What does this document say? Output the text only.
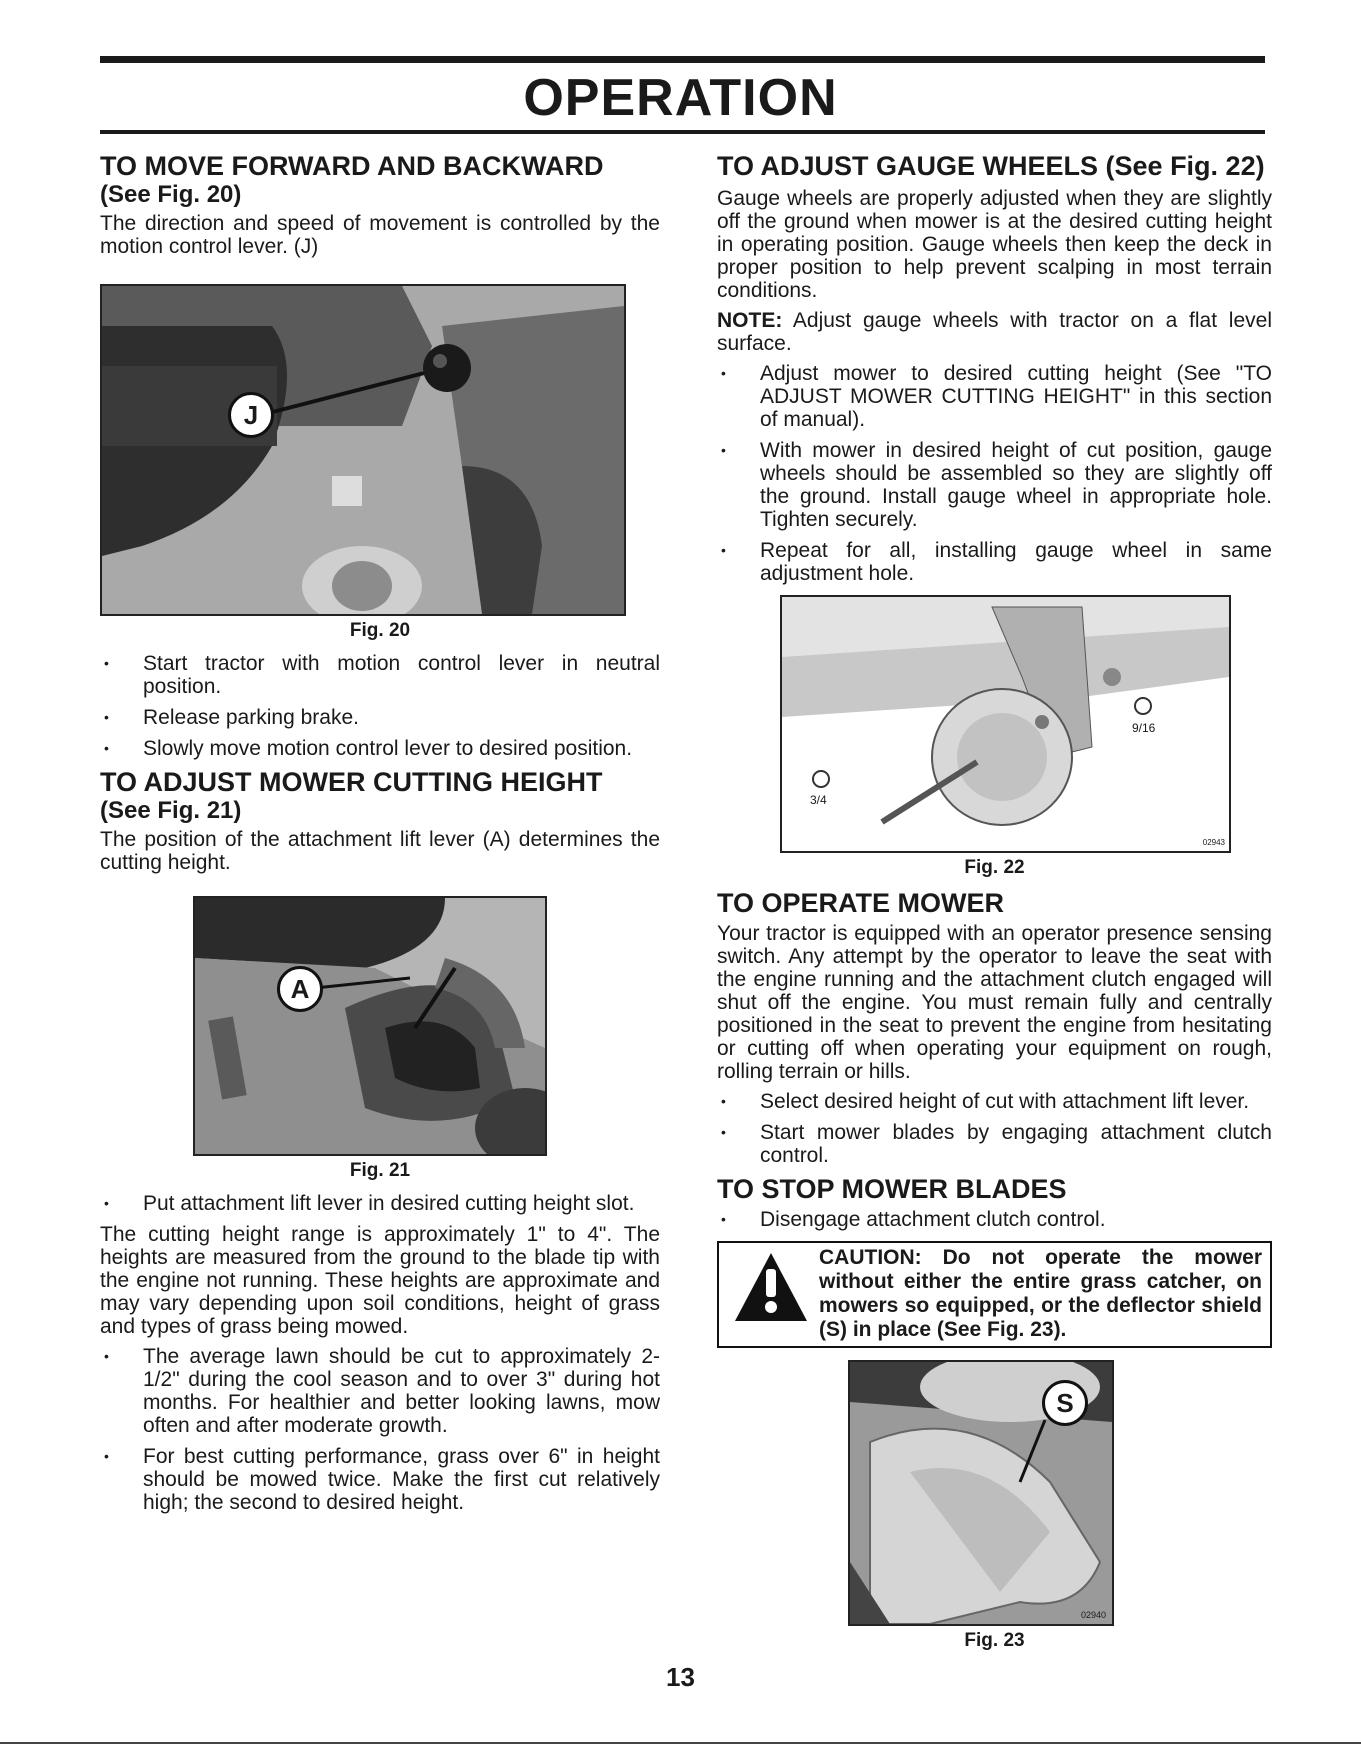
OPERATION
TO MOVE FORWARD AND BACKWARD
(See Fig. 20)

The direction and speed of movement is controlled by the motion control lever. (J)

J
Fig. 20
• Start tractor with motion control lever in neutral position.
• Release parking brake.
• Slowly move motion control lever to desired position.
TO ADJUST MOWER CUTTING HEIGHT
(See Fig. 21)

The position of the attachment lift lever (A) determines the cutting height.

A
Fig. 21
• Put attachment lift lever in desired cutting height slot.

The cutting height range is approximately 1" to 4". The heights are measured from the ground to the blade tip with the engine not running. These heights are approximate and may vary depending upon soil conditions, height of grass and types of grass being mowed.

• The average lawn should be cut to approximately 2-1/2" during the cool season and to over 3" during hot months. For healthier and better looking lawns, mow often and after moderate growth.
• For best cutting performance, grass over 6" in height should be mowed twice. Make the first cut relatively high; the second to desired height.
TO ADJUST GAUGE WHEELS (See Fig. 22)

Gauge wheels are properly adjusted when they are slightly off the ground when mower is at the desired cutting height in operating position. Gauge wheels then keep the deck in proper position to help prevent scalping in most terrain conditions.

NOTE: Adjust gauge wheels with tractor on a flat level surface.

• Adjust mower to desired cutting height (See "TO ADJUST MOWER CUTTING HEIGHT" in this section of manual).
• With mower in desired height of cut position, gauge wheels should be assembled so they are slightly off the ground. Install gauge wheel in appropriate hole. Tighten securely.
• Repeat for all, installing gauge wheel in same adjustment hole.
9/16
3/4
02943
Fig. 22
TO OPERATE MOWER

Your tractor is equipped with an operator presence sensing switch. Any attempt by the operator to leave the seat with the engine running and the attachment clutch engaged will shut off the engine. You must remain fully and centrally positioned in the seat to prevent the engine from hesitating or cutting off when operating your equipment on rough, rolling terrain or hills.

• Select desired height of cut with attachment lift lever.
• Start mower blades by engaging attachment clutch control.
TO STOP MOWER BLADES
• Disengage attachment clutch control.
CAUTION: Do not operate the mower without either the entire grass catcher, on mowers so equipped, or the deflector shield (S) in place (See Fig. 23).
S
02940
Fig. 23
13
